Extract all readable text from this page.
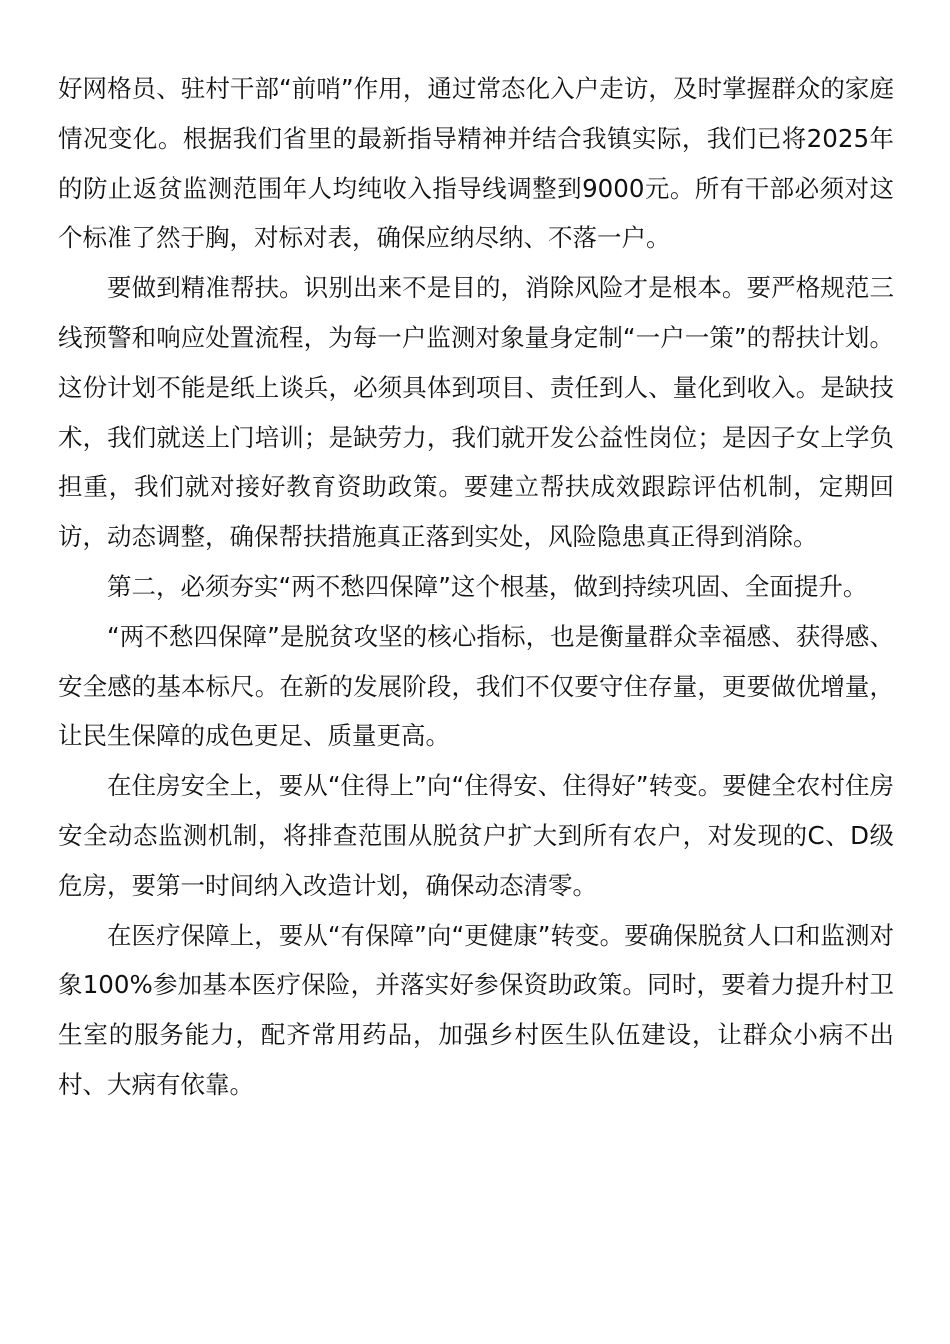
好网格员、驻村干部“前哨”作用，通过常态化入户走访，及时掌握群众的家庭情况变化。根据我们省里的最新指导精神并结合我镇实际，我们已将2025年的防止返贫监测范围年人均纯收入指导线调整到9000元。所有干部必须对这个标准了然于胸，对标对表，确保应纳尽纳、不落一户。

要做到精准帮扶。识别出来不是目的，消除风险才是根本。要严格规范三线预警和响应处置流程，为每一户监测对象量身定制“一户一策”的帮扶计划。这份计划不能是纸上谈兵，必须具体到项目、责任到人、量化到收入。是缺技术，我们就送上门培训；是缺劳力，我们就开发公益性岗位；是因子女上学负担重，我们就对接好教育资助政策。要建立帮扶成效跟踪评估机制，定期回访，动态调整，确保帮扶措施真正落到实处，风险隐患真正得到消除。

第二，必须夯实“两不愁四保障”这个根基，做到持续巩固、全面提升。

“两不愁四保障”是脱贫攻坚的核心指标，也是衡量群众幸福感、获得感、安全感的基本标尺。在新的发展阶段，我们不仅要守住存量，更要做优增量，让民生保障的成色更足、质量更高。

在住房安全上，要从“住得上”向“住得安、住得好”转变。要健全农村住房安全动态监测机制，将排查范围从脱贫户扩大到所有农户，对发现的C、D级危房，要第一时间纳入改造计划，确保动态清零。

在医疗保障上，要从“有保障”向“更健康”转变。要确保脱贫人口和监测对象100%参加基本医疗保险，并落实好参保资助政策。同时，要着力提升村卫生室的服务能力，配齐常用药品，加强乡村医生队伍建设，让群众小病不出村、大病有依靠。
